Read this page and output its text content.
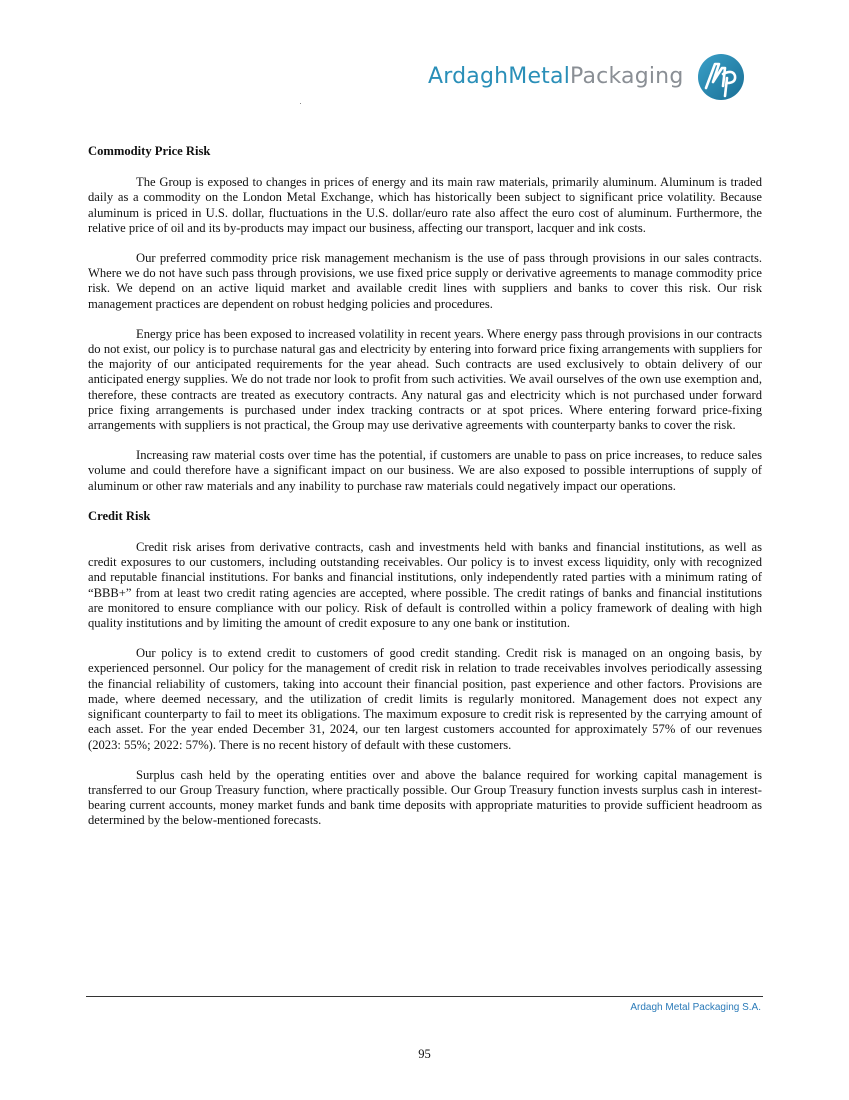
ArdaghMetalPackaging

Commodity Price Risk

The Group is exposed to changes in prices of energy and its main raw materials, primarily aluminum. Aluminum is traded daily as a commodity on the London Metal Exchange, which has historically been subject to significant price volatility. Because aluminum is priced in U.S. dollar, fluctuations in the U.S. dollar/euro rate also affect the euro cost of aluminum. Furthermore, the relative price of oil and its by-products may impact our business, affecting our transport, lacquer and ink costs.

Our preferred commodity price risk management mechanism is the use of pass through provisions in our sales contracts. Where we do not have such pass through provisions, we use fixed price supply or derivative agreements to manage commodity price risk. We depend on an active liquid market and available credit lines with suppliers and banks to cover this risk. Our risk management practices are dependent on robust hedging policies and procedures.

Energy price has been exposed to increased volatility in recent years. Where energy pass through provisions in our contracts do not exist, our policy is to purchase natural gas and electricity by entering into forward price fixing arrangements with suppliers for the majority of our anticipated requirements for the year ahead. Such contracts are used exclusively to obtain delivery of our anticipated energy supplies. We do not trade nor look to profit from such activities. We avail ourselves of the own use exemption and, therefore, these contracts are treated as executory contracts. Any natural gas and electricity which is not purchased under forward price fixing arrangements is purchased under index tracking contracts or at spot prices. Where entering forward price-fixing arrangements with suppliers is not practical, the Group may use derivative agreements with counterparty banks to cover the risk.

Increasing raw material costs over time has the potential, if customers are unable to pass on price increases, to reduce sales volume and could therefore have a significant impact on our business. We are also exposed to possible interruptions of supply of aluminum or other raw materials and any inability to purchase raw materials could negatively impact our operations.

Credit Risk

Credit risk arises from derivative contracts, cash and investments held with banks and financial institutions, as well as credit exposures to our customers, including outstanding receivables. Our policy is to invest excess liquidity, only with recognized and reputable financial institutions. For banks and financial institutions, only independently rated parties with a minimum rating of “BBB+” from at least two credit rating agencies are accepted, where possible. The credit ratings of banks and financial institutions are monitored to ensure compliance with our policy. Risk of default is controlled within a policy framework of dealing with high quality institutions and by limiting the amount of credit exposure to any one bank or institution.

Our policy is to extend credit to customers of good credit standing. Credit risk is managed on an ongoing basis, by experienced personnel. Our policy for the management of credit risk in relation to trade receivables involves periodically assessing the financial reliability of customers, taking into account their financial position, past experience and other factors. Provisions are made, where deemed necessary, and the utilization of credit limits is regularly monitored. Management does not expect any significant counterparty to fail to meet its obligations. The maximum exposure to credit risk is represented by the carrying amount of each asset. For the year ended December 31, 2024, our ten largest customers accounted for approximately 57% of our revenues (2023: 55%; 2022: 57%). There is no recent history of default with these customers.

Surplus cash held by the operating entities over and above the balance required for working capital management is transferred to our Group Treasury function, where practically possible. Our Group Treasury function invests surplus cash in interest-bearing current accounts, money market funds and bank time deposits with appropriate maturities to provide sufficient headroom as determined by the below-mentioned forecasts.

Ardagh Metal Packaging S.A.
95
